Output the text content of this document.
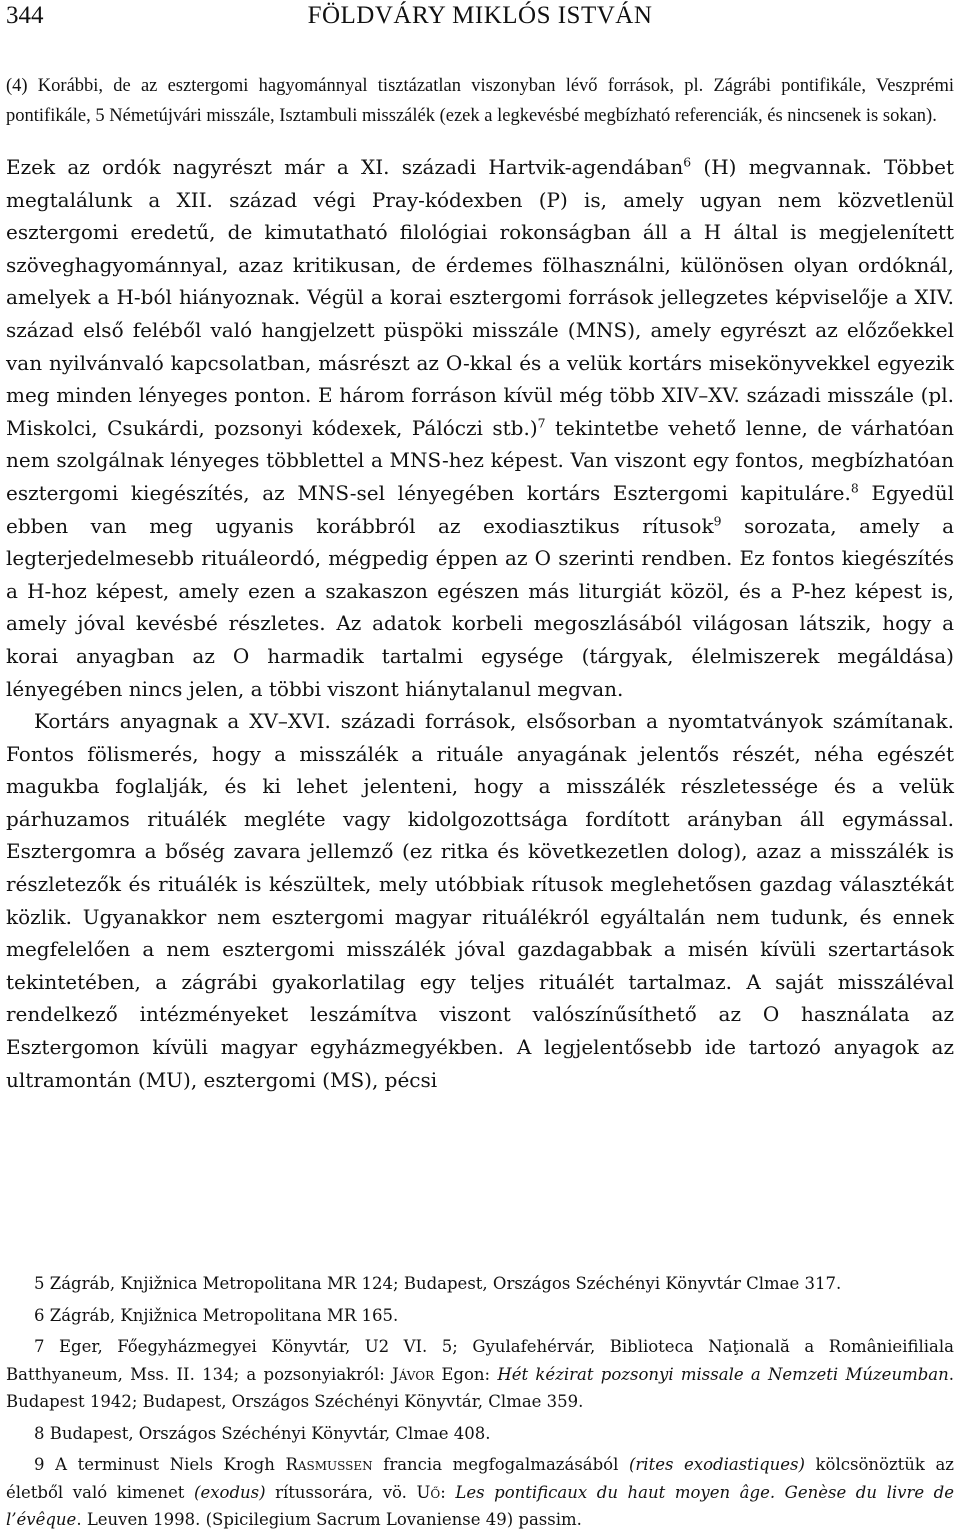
344	FÖLDVÁRY MIKLÓS ISTVÁN

(4) Korábbi, de az esztergomi hagyománnyal tisztázatlan viszonyban lévő források, pl. Zágrábi pontifikále, Veszprémi pontifikále, 5 Németújvári misszále, Isztambuli misszálék (ezek a legkevésbé megbízható referenciák, és nincsenek is sokan).

Ezek az ordók nagyrészt már a XI. századi Hartvik-agendában$^6$ (H) megvannak. Többet megtalálunk a XII. század végi Pray-kódexben (P) is, amely ugyan nem közvetlenül esztergomi eredetű, de kimutatható filológiai rokonságban áll a H által is megjelenített szöveghagyománnyal, azaz kritikusan, de érdemes fölhasználni, különösen olyan ordóknál, amelyek a H-ból hiányoznak. Végül a korai esztergomi források jellegzetes képviselője a XIV. század első feléből való hangjelzett püspöki misszále (MNS), amely egyrészt az előzőekkel van nyilvánvaló kapcsolatban, másrészt az O-kkal és a velük kortárs misekönyvekkel egyezik meg minden lényeges ponton. E három forráson kívül még több XIV–XV. századi misszále (pl. Miskolci, Csukárdi, pozsonyi kódexek, Pálóczi stb.)$^7$ tekintetbe vehető lenne, de várhatóan nem szolgálnak lényeges többlettel a MNS-hez képest. Van viszont egy fontos, megbízhatóan esztergomi kiegészítés, az MNS-sel lényegében kortárs Esztergomi kapituláre.$^8$ Egyedül ebben van meg ugyanis korábbról az exodiasztikus rítusok$^9$ sorozata, amely a legterjedelmesebb rituáleordó, mégpedig éppen az O szerinti rendben. Ez fontos kiegészítés a H-hoz képest, amely ezen a szakaszon egészen más liturgiát közöl, és a P-hez képest is, amely jóval kevésbé részletes. Az adatok korbeli megoszlásából világosan látszik, hogy a korai anyagban az O harmadik tartalmi egysége (tárgyak, élelmiszerek megáldása) lényegében nincs jelen, a többi viszont hiánytalanul megvan.

Kortárs anyagnak a XV–XVI. századi források, elsősorban a nyomtatványok számítanak. Fontos fölismerés, hogy a misszálék a rituále anyagának jelentős részét, néha egészét magukba foglalják, és ki lehet jelenteni, hogy a misszálék részletessége és a velük párhuzamos rituálék megléte vagy kidolgozottsága fordított arányban áll egymással. Esztergomra a bőség zavara jellemző (ez ritka és következetlen dolog), azaz a misszálék is részletezők és rituálék is készültek, mely utóbbiak rítusok meglehetősen gazdag választékát közlik. Ugyanakkor nem esztergomi magyar rituálékról egyáltalán nem tudunk, és ennek megfelelően a nem esztergomi misszálék jóval gazdagabbak a misén kívüli szertartások tekintetében, a zágrábi gyakorlatilag egy teljes rituálét tartalmaz. A saját misszáléval rendelkező intézményeket leszámítva viszont valószínűsíthető az O használata az Esztergomon kívüli magyar egyházmegyékben. A legjelentősebb ide tartozó anyagok az ultramontán (MU), esztergomi (MS), pécsi

5 Zágráb, Knjižnica Metropolitana MR 124; Budapest, Országos Széchényi Könyvtár Clmae 317.

6 Zágráb, Knjižnica Metropolitana MR 165.

7 Eger, Főegyházmegyei Könyvtár, U2 VI. 5; Gyulafehérvár, Biblioteca Naţională a Românieifiliala Batthyaneum, Mss. II. 134; a pozsonyiakról: Jávor Egon: Hét kézirat pozsonyi missale a Nemzeti Múzeumban. Budapest 1942; Budapest, Országos Széchényi Könyvtár, Clmae 359.

8 Budapest, Országos Széchényi Könyvtár, Clmae 408.

9 A terminust Niels Krogh Rasmussen francia megfogalmazásából (rites exodiastiques) kölcsönöztük az életből való kimenet (exodus) rítussorára, vö. Uő: Les pontificaux du haut moyen âge. Genèse du livre de l’évêque. Leuven 1998. (Spicilegium Sacrum Lovaniense 49) passim.
